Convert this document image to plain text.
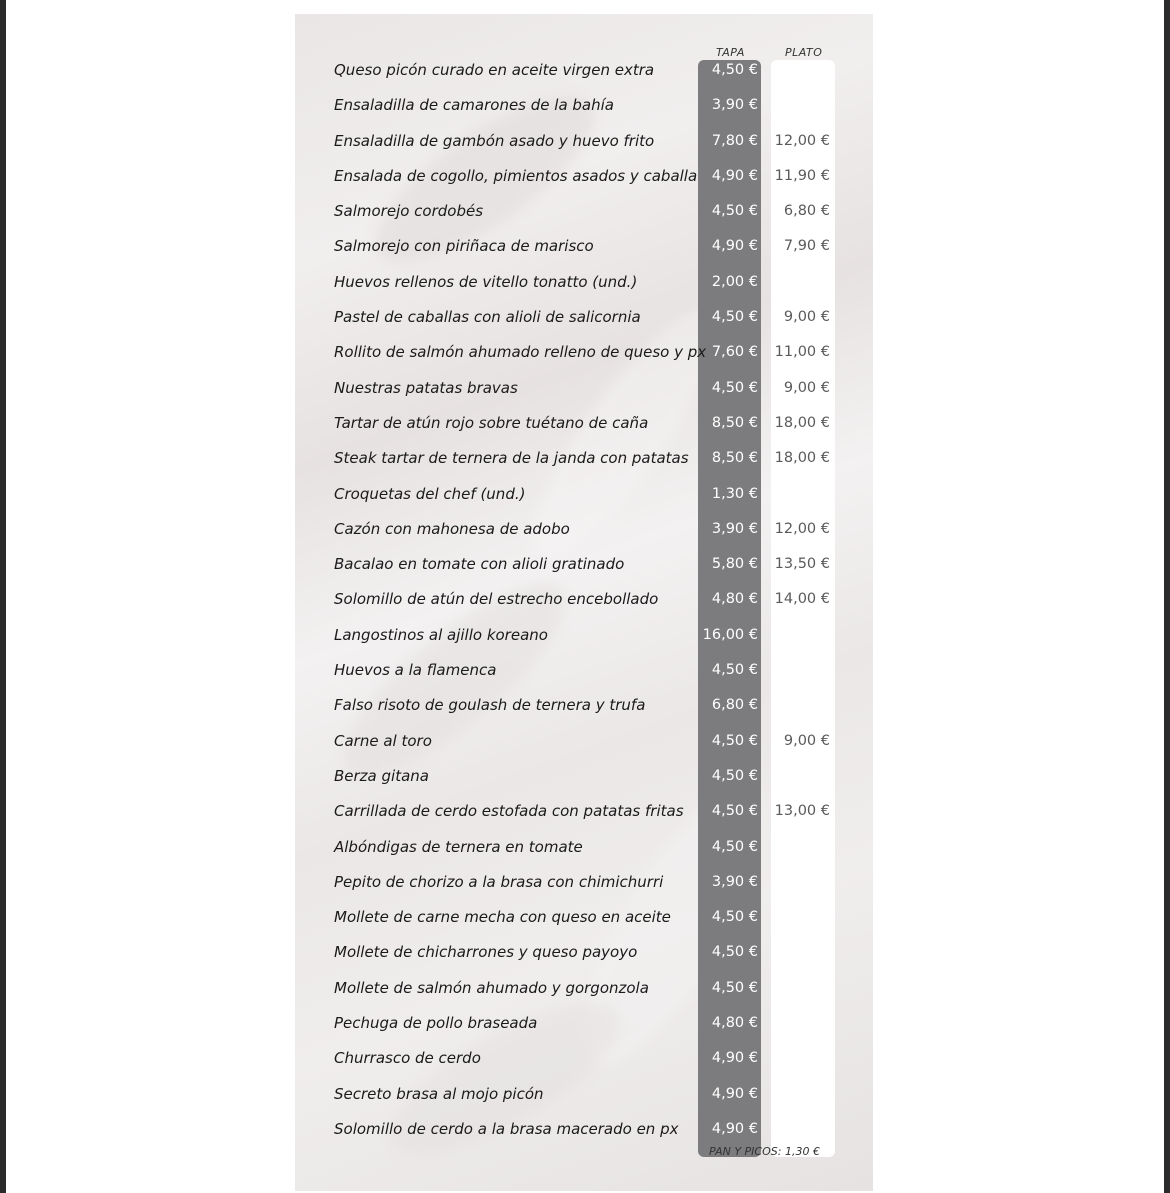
TAPA	PLATO
Queso picón curado en aceite virgen extra	4,50 €
Ensaladilla de camarones de la bahía	3,90 €
Ensaladilla de gambón asado y huevo frito	7,80 € 12,00 €
Ensalada de cogollo, pimientos asados y caballa	4,90 € 11,90 €
Salmorejo cordobés	4,50 €	6,80 €
Salmorejo con piriñaca de marisco	4,90 €	7,90 €
Huevos rellenos de vitello tonatto (und.)	2,00 €
Pastel de caballas con alioli de salicornia	4,50 €	9,00 €
Rollito de salmón ahumado relleno de queso y px 7,60 € 11,00 €
Nuestras patatas bravas	4,50 €	9,00 €
Tartar de atún rojo sobre tuétano de caña	8,50 € 18,00 €
Steak tartar de ternera de la janda con patatas	8,50 € 18,00 €
Croquetas del chef (und.)	1,30 €
Cazón con mahonesa de adobo	3,90 € 12,00 €
Bacalao en tomate con alioli gratinado	5,80 € 13,50 €
Solomillo de atún del estrecho encebollado	4,80 € 14,00 €
Langostinos al ajillo koreano	16,00 €
Huevos a la flamenca	4,50 €
Falso risoto de goulash de ternera y trufa	6,80 €
Carne al toro	4,50 €	9,00 €
Berza gitana	4,50 €
Carrillada de cerdo estofada con patatas fritas	4,50 € 13,00 €
Albóndigas de ternera en tomate	4,50 €
Pepito de chorizo a la brasa con chimichurri	3,90 €
Mollete de carne mecha con queso en aceite	4,50 €
Mollete de chicharrones y queso payoyo	4,50 €
Mollete de salmón ahumado y gorgonzola	4,50 €
Pechuga de pollo braseada	4,80 €
Churrasco de cerdo	4,90 €
Secreto brasa al mojo picón	4,90 €
Solomillo de cerdo a la brasa macerado en px	4,90 €
PAN Y PICOS: 1,30 €
